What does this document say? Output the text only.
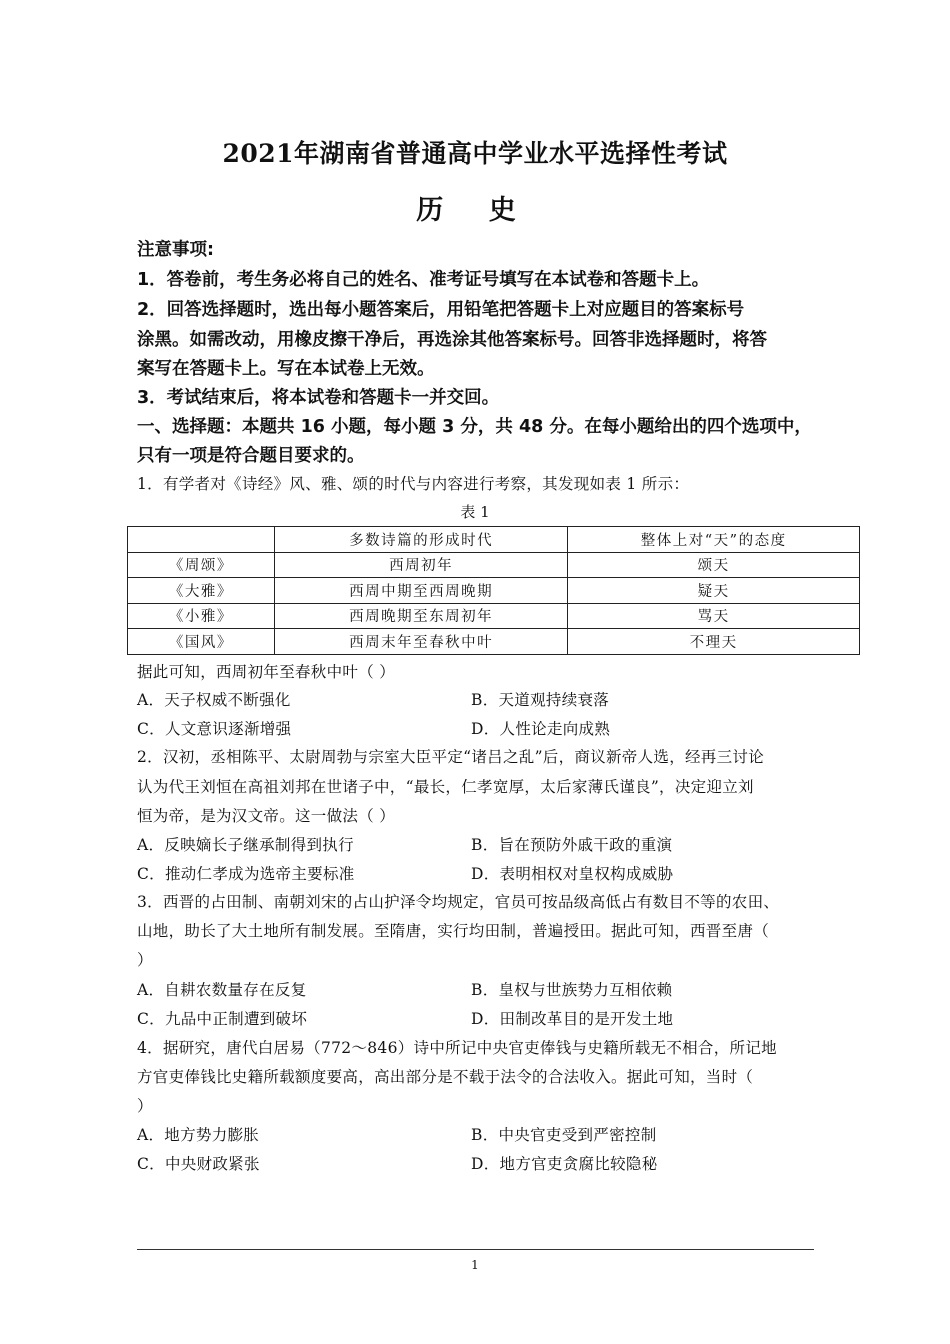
2021年湖南省普通高中学业水平选择性考试
历 史
注意事项:
1．答卷前，考生务必将自己的姓名、准考证号填写在本试卷和答题卡上。
2．回答选择题时，选出每小题答案后，用铅笔把答题卡上对应题目的答案标号
涂黑。如需改动，用橡皮擦干净后，再选涂其他答案标号。回答非选择题时，将答
案写在答题卡上。写在本试卷上无效。
3．考试结束后，将本试卷和答题卡一并交回。
一、选择题：本题共 16 小题，每小题 3 分，共 48 分。在每小题给出的四个选项中，
只有一项是符合题目要求的。
1．有学者对《诗经》风、雅、颂的时代与内容进行考察，其发现如表 1 所示：
表 1
	多数诗篇的形成时代	整体上对“天”的态度
《周颂》	西周初年	颂天
《大雅》	西周中期至西周晚期	疑天
《小雅》	西周晚期至东周初年	骂天
《国风》	西周末年至春秋中叶	不理天
据此可知，西周初年至春秋中叶（ ）
A．天子权威不断强化	B．天道观持续衰落
C．人文意识逐渐增强	D．人性论走向成熟
2．汉初，丞相陈平、太尉周勃与宗室大臣平定“诸吕之乱”后，商议新帝人选，经再三讨论
认为代王刘恒在高祖刘邦在世诸子中，“最长，仁孝宽厚，太后家薄氏谨良”，决定迎立刘
恒为帝，是为汉文帝。这一做法（ ）
A．反映嫡长子继承制得到执行	B．旨在预防外戚干政的重演
C．推动仁孝成为选帝主要标准	D．表明相权对皇权构成威胁
3．西晋的占田制、南朝刘宋的占山护泽令均规定，官员可按品级高低占有数目不等的农田、
山地，助长了大土地所有制发展。至隋唐，实行均田制，普遍授田。据此可知，西晋至唐（
）
A．自耕农数量存在反复	B．皇权与世族势力互相依赖
C．九品中正制遭到破坏	D．田制改革目的是开发土地
4．据研究，唐代白居易（772～846）诗中所记中央官吏俸钱与史籍所载无不相合，所记地
方官吏俸钱比史籍所载额度要高，高出部分是不载于法令的合法收入。据此可知，当时（
）
A．地方势力膨胀	B．中央官吏受到严密控制
C．中央财政紧张	D．地方官吏贪腐比较隐秘
1
